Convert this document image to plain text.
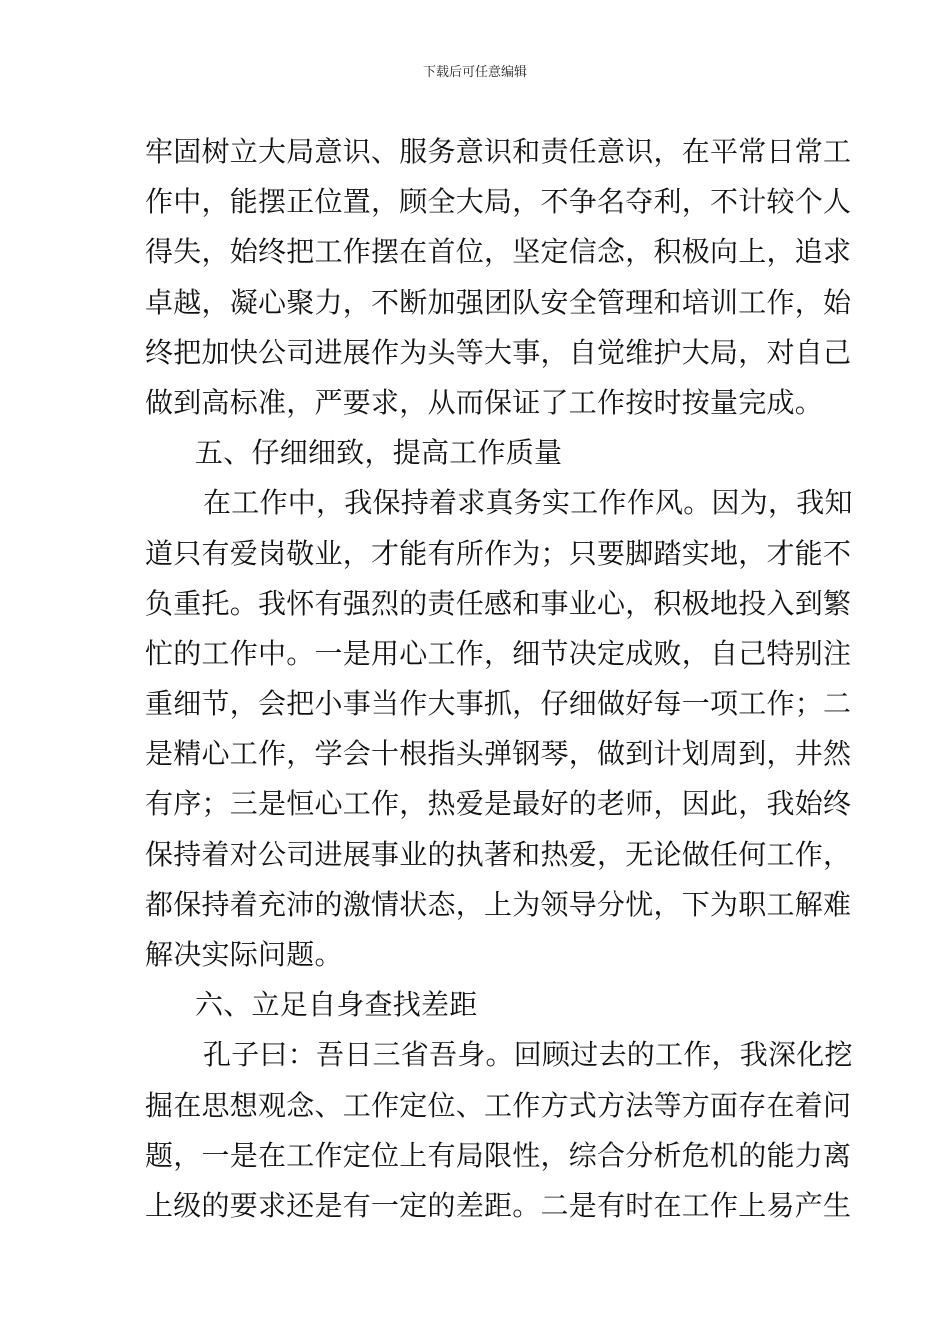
下载后可任意编辑
牢固树立大局意识、服务意识和责任意识，在平常日常工
作中，能摆正位置，顾全大局，不争名夺利，不计较个人
得失，始终把工作摆在首位，坚定信念，积极向上，追求
卓越，凝心聚力，不断加强团队安全管理和培训工作，始
终把加快公司进展作为头等大事，自觉维护大局，对自己
做到高标准，严要求，从而保证了工作按时按量完成。
五、仔细细致，提高工作质量
在工作中，我保持着求真务实工作作风。因为，我知
道只有爱岗敬业，才能有所作为；只要脚踏实地，才能不
负重托。我怀有强烈的责任感和事业心，积极地投入到繁
忙的工作中。一是用心工作，细节决定成败，自己特别注
重细节，会把小事当作大事抓，仔细做好每一项工作；二
是精心工作，学会十根指头弹钢琴，做到计划周到，井然
有序；三是恒心工作，热爱是最好的老师，因此，我始终
保持着对公司进展事业的执著和热爱，无论做任何工作，
都保持着充沛的激情状态，上为领导分忧，下为职工解难
解决实际问题。
六、立足自身查找差距
孔子曰：吾日三省吾身。回顾过去的工作，我深化挖
掘在思想观念、工作定位、工作方式方法等方面存在着问
题，一是在工作定位上有局限性，综合分析危机的能力离
上级的要求还是有一定的差距。二是有时在工作上易产生
